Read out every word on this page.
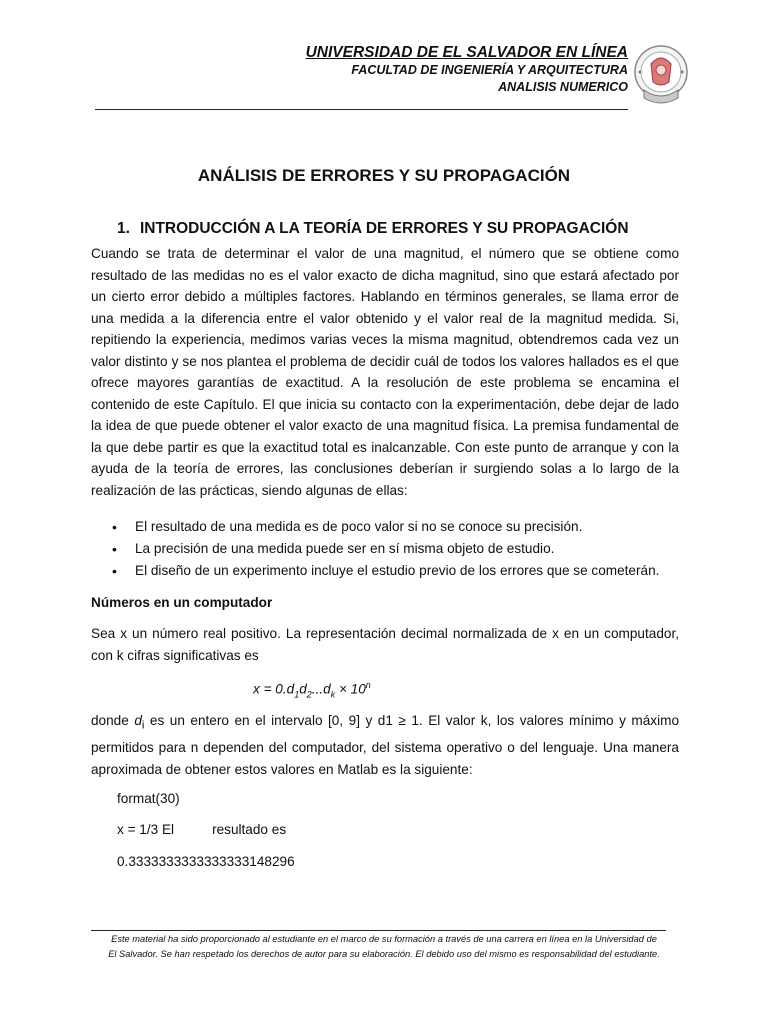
UNIVERSIDAD DE EL SALVADOR EN LÍNEA
FACULTAD DE INGENIERÍA Y ARQUITECTURA
ANALISIS NUMERICO
ANÁLISIS DE ERRORES Y SU PROPAGACIÓN
1. INTRODUCCIÓN A LA TEORÍA DE ERRORES Y SU PROPAGACIÓN
Cuando se trata de determinar el valor de una magnitud, el número que se obtiene como resultado de las medidas no es el valor exacto de dicha magnitud, sino que estará afectado por un cierto error debido a múltiples factores. Hablando en términos generales, se llama error de una medida a la diferencia entre el valor obtenido y el valor real de la magnitud medida. Si, repitiendo la experiencia, medimos varias veces la misma magnitud, obtendremos cada vez un valor distinto y se nos plantea el problema de decidir cuál de todos los valores hallados es el que ofrece mayores garantías de exactitud. A la resolución de este problema se encamina el contenido de este Capítulo. El que inicia su contacto con la experimentación, debe dejar de lado la idea de que puede obtener el valor exacto de una magnitud física. La premisa fundamental de la que debe partir es que la exactitud total es inalcanzable. Con este punto de arranque y con la ayuda de la teoría de errores, las conclusiones deberían ir surgiendo solas a lo largo de la realización de las prácticas, siendo algunas de ellas:
• El resultado de una medida es de poco valor si no se conoce su precisión.
• La precisión de una medida puede ser en sí misma objeto de estudio.
• El diseño de un experimento incluye el estudio previo de los errores que se cometerán.
Números en un computador
Sea x un número real positivo. La representación decimal normalizada de x en un computador, con k cifras significativas es
$x = 0.d_1d_2...d_k \times 10^n$
donde $d_i$ es un entero en el intervalo [0, 9] y d1 ≥ 1. El valor k, los valores mínimo y máximo permitidos para n dependen del computador, del sistema operativo o del lenguaje. Una manera aproximada de obtener estos valores en Matlab es la siguiente:
format(30)
x = 1/3 El	resultado es
0.333333333333333314829​6
Este material ha sido proporcionado al estudiante en el marco de su formación a través de una carrera en línea en la Universidad de El Salvador. Se han respetado los derechos de autor para su elaboración. El debido uso del mismo es responsabilidad del estudiante.
